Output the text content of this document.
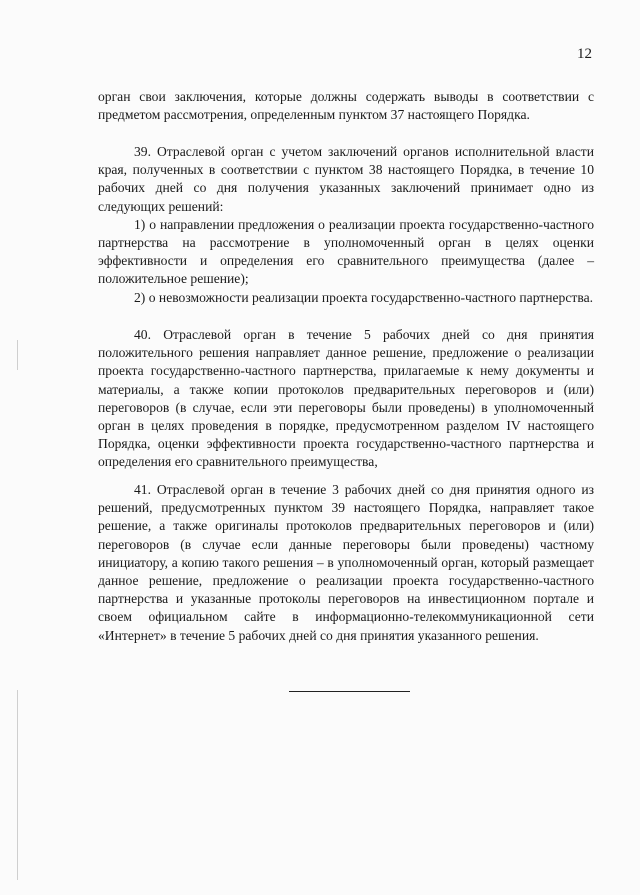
12

орган свои заключения, которые должны содержать выводы в соответствии с предметом рассмотрения, определенным пунктом 37 настоящего Порядка.

39. Отраслевой орган с учетом заключений органов исполнительной власти края, полученных в соответствии с пунктом 38 настоящего Порядка, в течение 10 рабочих дней со дня получения указанных заключений принимает одно из следующих решений:

1) о направлении предложения о реализации проекта государственно-частного партнерства на рассмотрение в уполномоченный орган в целях оценки эффективности и определения его сравнительного преимущества (далее – положительное решение);

2) о невозможности реализации проекта государственно-частного партнерства.

40. Отраслевой орган в течение 5 рабочих дней со дня принятия положительного решения направляет данное решение, предложение о реализации проекта государственно-частного партнерства, прилагаемые к нему документы и материалы, а также копии протоколов предварительных переговоров и (или) переговоров (в случае, если эти переговоры были проведены) в уполномоченный орган в целях проведения в порядке, предусмотренном разделом IV настоящего Порядка, оценки эффективности проекта государственно-частного партнерства и определения его сравнительного преимущества,

41. Отраслевой орган в течение 3 рабочих дней со дня принятия одного из решений, предусмотренных пунктом 39 настоящего Порядка, направляет такое решение, а также оригиналы протоколов предварительных переговоров и (или) переговоров (в случае если данные переговоры были проведены) частному инициатору, а копию такого решения – в уполномоченный орган, который размещает данное решение, предложение о реализации проекта государственно-частного партнерства и указанные протоколы переговоров на инвестиционном портале и своем официальном сайте в информационно-телекоммуникационной сети «Интернет» в течение 5 рабочих дней со дня принятия указанного решения.
